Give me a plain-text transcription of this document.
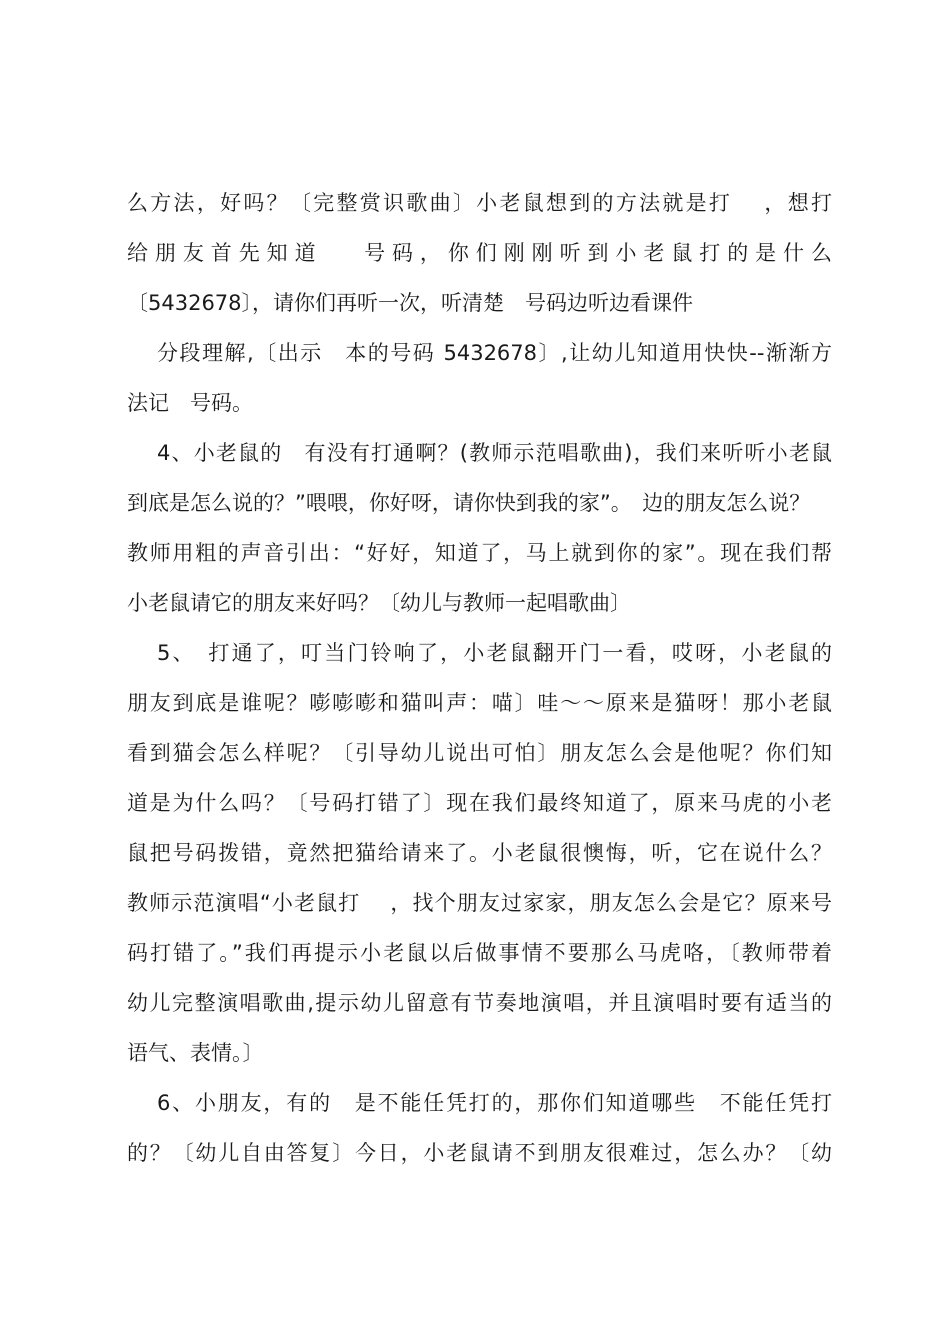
么方法，好吗？〔完整赏识歌曲〕小老鼠想到的方法就是打　 ，想打
给朋友首先知道　 号码，你们刚刚听到小老鼠打的是什么
〔5432678〕，请你们再听一次，听清楚　号码边听边看课件
分段理解,〔出示　本的号码 5432678〕,让幼儿知道用快快--渐渐方
法记　号码。
4、小老鼠的　有没有打通啊？(教师示范唱歌曲)，我们来听听小老鼠
到底是怎么说的？”喂喂，你好呀，请你快到我的家”。　边的朋友怎么说？
教师用粗的声音引出：“好好，知道了，马上就到你的家”。现在我们帮
小老鼠请它的朋友来好吗？〔幼儿与教师一起唱歌曲〕
5、　打通了，叮当门铃响了，小老鼠翻开门一看，哎呀，小老鼠的
朋友到底是谁呢？嘭嘭嘭和猫叫声：喵〕哇～～原来是猫呀！那小老鼠
看到猫会怎么样呢？〔引导幼儿说出可怕〕朋友怎么会是他呢？你们知
道是为什么吗？〔号码打错了〕现在我们最终知道了，原来马虎的小老
鼠把号码拨错，竟然把猫给请来了。小老鼠很懊悔，听，它在说什么？
教师示范演唱“小老鼠打　 ，找个朋友过家家，朋友怎么会是它？原来号
码打错了。”我们再提示小老鼠以后做事情不要那么马虎咯，〔教师带着
幼儿完整演唱歌曲,提示幼儿留意有节奏地演唱，并且演唱时要有适当的
语气、表情。〕
6、小朋友，有的　是不能任凭打的，那你们知道哪些　不能任凭打
的？〔幼儿自由答复〕今日，小老鼠请不到朋友很难过，怎么办？〔幼
